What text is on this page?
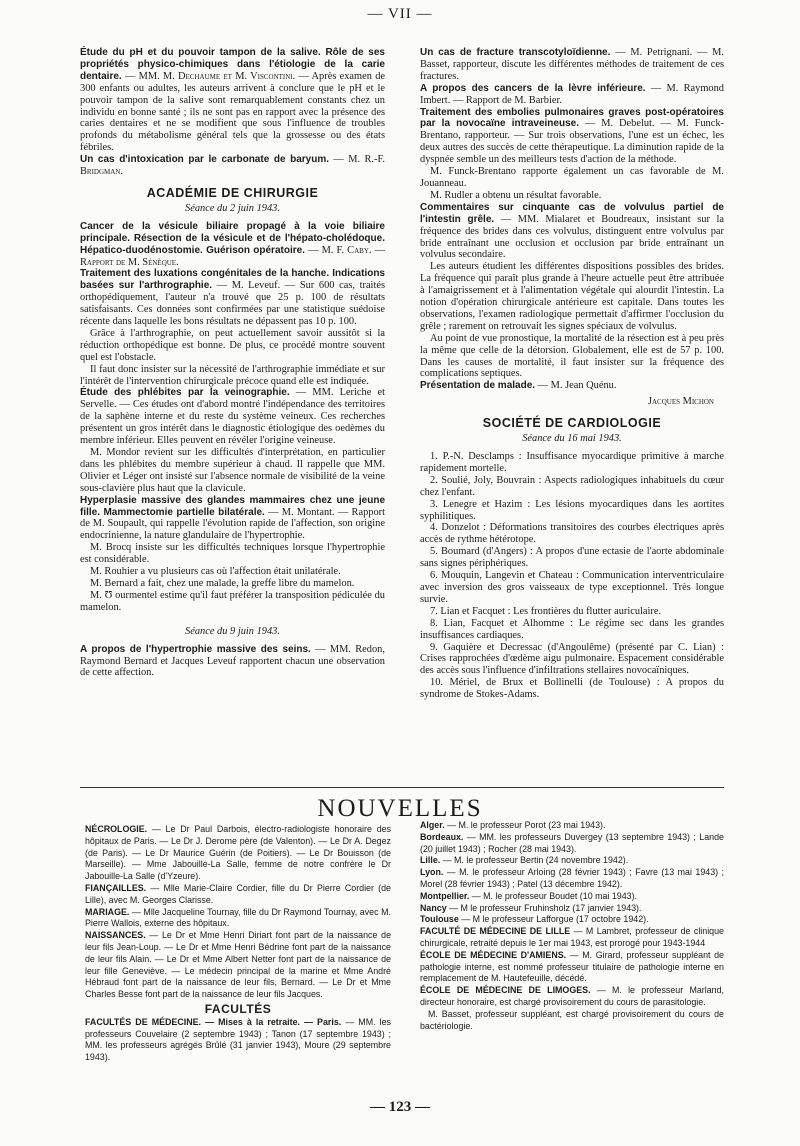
— VII —

Étude du pH et du pouvoir tampon de la salive. Rôle de ses propriétés physico-chimiques dans l'étiologie de la carie dentaire. — MM. M. Dechaume et M. Viscontini. — Après examen de 300 enfants ou adultes, les auteurs arrivent à conclure que le pH et le pouvoir tampon de la salive sont remarquablement constants chez un individu en bonne santé ; ils ne sont pas en rapport avec la présence des caries dentaires et ne se modifient que sous l'influence de troubles profonds du métabolisme général tels que la grossesse ou des états fébriles.

Un cas d'intoxication par le carbonate de baryum. — M. R.-F. Bridgman.

ACADÉMIE DE CHIRURGIE
Séance du 2 juin 1943.

Cancer de la vésicule biliaire propagé à la voie biliaire principale. Résection de la vésicule et de l'hépato-cholédoque. Hépatico-duodénostomie. Guérison opératoire. — M. F. Caby. — Rapport de M. Sénèque.

Traitement des luxations congénitales de la hanche. Indications basées sur l'arthrographie. — M. Leveuf. — Sur 600 cas, traités orthopédiquement, l'auteur n'a trouvé que 25 p. 100 de résultats satisfaisants. Ces données sont confirmées par une statistique suédoise récente dans laquelle les bons résultats ne dépassent pas 10 p. 100.

Grâce à l'arthrographie, on peut actuellement savoir aussitôt si la réduction orthopédique est bonne. De plus, ce procédé montre souvent quel est l'obstacle.

Il faut donc insister sur la nécessité de l'arthrographie immédiate et sur l'intérêt de l'intervention chirurgicale précoce quand elle est indiquée.

Étude des phlébites par la veinographie. — MM. Leriche et Servelle. — Ces études ont d'abord montré l'indépendance des territoires de la saphène interne et du reste du système veineux. Ces recherches présentent un gros intérêt dans le diagnostic étiologique des oedèmes du membre inférieur. Elles peuvent en révéler l'origine veineuse.

M. Mondor revient sur les difficultés d'interprétation, en particulier dans les phlébites du membre supérieur à chaud. Il rappelle que MM. Olivier et Léger ont insisté sur l'absence normale de visibilité de la veine sous-clavière plus haut que la clavicule.

Hyperplasie massive des glandes mammaires chez une jeune fille. Mammectomie partielle bilatérale. — M. Montant. — Rapport de M. Soupault, qui rappelle l'évolution rapide de l'affection, son origine endocrinienne, la nature glandulaire de l'hypertrophie.

M. Brocq insiste sur les difficultés techniques lorsque l'hypertrophie est considérable.

M. Rouhier a vu plusieurs cas où l'affection était unilatérale.

M. Bernard a fait, chez une malade, la greffe libre du mamelon.

M. Ʊ ourmentel estime qu'il faut préférer la transposition pédiculée du mamelon.

Séance du 9 juin 1943.

A propos de l'hypertrophie massive des seins. — MM. Redon, Raymond Bernard et Jacques Leveuf rapportent chacun une observation de cette affection.

Un cas de fracture transcotyloïdienne. — M. Petrignani. — M. Basset, rapporteur, discute les différentes méthodes de traitement de ces fractures.

A propos des cancers de la lèvre inférieure. — M. Raymond Imbert. — Rapport de M. Barbier.

Traitement des embolies pulmonaires graves post-opératoires par la novocaïne intraveineuse. — M. Debelut. — M. Funck-Brentano, rapporteur. — Sur trois observations, l'une est un échec, les deux autres des succès de cette thérapeutique. La diminution rapide de la dyspnée semble un des meilleurs tests d'action de la méthode.

M. Funck-Brentano rapporte également un cas favorable de M. Jouanneau.

M. Rudler a obtenu un résultat favorable.

Commentaires sur cinquante cas de volvulus partiel de l'intestin grêle. — MM. Mialaret et Boudreaux, insistant sur la fréquence des brides dans ces volvulus, distinguent entre volvulus par bride entraînant une occlusion et occlusion par bride entraînant un volvulus secondaire.

Les auteurs étudient les différentes dispositions possibles des brides. La fréquence qui paraît plus grande à l'heure actuelle peut être attribuée à l'amaigrissement et à l'alimentation végétale qui alourdit l'intestin. La notion d'opération chirurgicale antérieure est capitale. Dans toutes les observations, l'examen radiologique permettait d'affirmer l'occlusion du grêle ; rarement on retrouvait les signes spéciaux de volvulus.

Au point de vue pronostique, la mortalité de la résection est à peu près la même que celle de la détorsion. Globalement, elle est de 57 p. 100. Dans les causes de mortalité, il faut insister sur la fréquence des complications septiques.

Présentation de malade. — M. Jean Quénu.

Jacques Michon
SOCIÉTÉ DE CARDIOLOGIE
Séance du 16 mai 1943.

1. P.-N. Desclamps : Insuffisance myocardique primitive à marche rapidement mortelle.

2. Soulié, Joly, Bouvrain : Aspects radiologiques inhabituels du cœur chez l'enfant.

3. Lenegre et Hazim : Les lésions myocardiques dans les aortites syphilitiques.

4. Donzelot : Déformations transitoires des courbes électriques après accès de rythme hétérotope.

5. Boumard (d'Angers) : A propos d'une ectasie de l'aorte abdominale sans signes périphériques.

6. Mouquin, Langevin et Chateau : Communication interventriculaire avec inversion des gros vaisseaux de type exceptionnel. Très longue survie.

7. Lian et Facquet : Les frontières du flutter auriculaire.

8. Lian, Facquet et Alhomme : Le régime sec dans les grandes insuffisances cardiaques.

9. Gaquière et Decressac (d'Angoulême) (présenté par C. Lian) : Crises rapprochées d'œdème aigu pulmonaire. Espacement considérable des accès sous l'influence d'infiltrations stellaires novocaïniques.

10. Mériel, de Brux et Bollinelli (de Toulouse) : A propos du syndrome de Stokes-Adams.

NOUVELLES

NÉCROLOGIE. — Le Dr Paul Darbois, électro-radiologiste honoraire des hôpitaux de Paris. — Le Dr J. Derome père (de Valenton). — Le Dr A. Degez (de Paris). — Le Dr Maurice Guérin (de Poitiers). — Le Dr Bouisson (de Marseille). — Mme Jabouille-La Salle, femme de notre confrère le Dr Jabouille-La Salle (d'Yzeure).

FIANÇAILLES. — Mlle Marie-Claire Cordier, fille du Dr Pierre Cordier (de Lille), avec M. Georges Clarisse.

MARIAGE. — Mlle Jacqueline Tournay, fille du Dr Raymond Tournay, avec M. Pierre Wallois, externe des hôpitaux.

NAISSANCES. — Le Dr et Mme Henri Diriart font part de la naissance de leur fils Jean-Loup. — Le Dr et Mme Henri Bédrine font part de la naissance de leur fils Alain. — Le Dr et Mme Albert Netter font part de la naissance de leur fille Geneviève. — Le médecin principal de la marine et Mme André Hébraud font part de la naissance de leur fils, Bernard. — Le Dr et Mme Charles Besse font part de la naissance de leur fils Jacques.

FACULTÉS

FACULTÉS DE MÉDECINE. — Mises à la retraite. — Paris. — MM. les professeurs Couvelaire (2 septembre 1943) ; Tanon (17 septembre 1943) ; MM. les professeurs agrégés Brûlé (31 janvier 1943), Moure (29 septembre 1943).

Alger. — M. le professeur Porot (23 mai 1943).

Bordeaux. — MM. les professeurs Duvergey (13 septembre 1943) ; Lande (20 juillet 1943) ; Rocher (28 mai 1943).

Lille. — M. le professeur Bertin (24 novembre 1942).

Lyon. — M. le professeur Arloing (28 février 1943) ; Favre (13 mai 1943) ; Morel (28 février 1943) ; Patel (13 décembre 1942).

Montpellier. — M. le professeur Boudet (10 mai 1943).

Nancy — M le professeur Fruhinsholz (17 janvier 1943).

Toulouse — M le professeur Lafforgue (17 octobre 1942).

FACULTÉ DE MÉDECINE DE LILLE — M Lambret, professeur de clinique chirurgicale, retraité depuis le 1er mai 1943, est prorogé pour 1943-1944

ÉCOLE DE MÉDECINE D'AMIENS. — M. Girard, professeur suppléant de pathologie interne, est nommé professeur titulaire de pathologie interne en remplacement de M. Hautefeuille, décédé.

ÉCOLE DE MÉDECINE DE LIMOGES. — M. le professeur Marland, directeur honoraire, est chargé provisoirement du cours de parasitologie.

M. Basset, professeur suppléant, est chargé provisoirement du cours de bactériologie.

— 123 —
